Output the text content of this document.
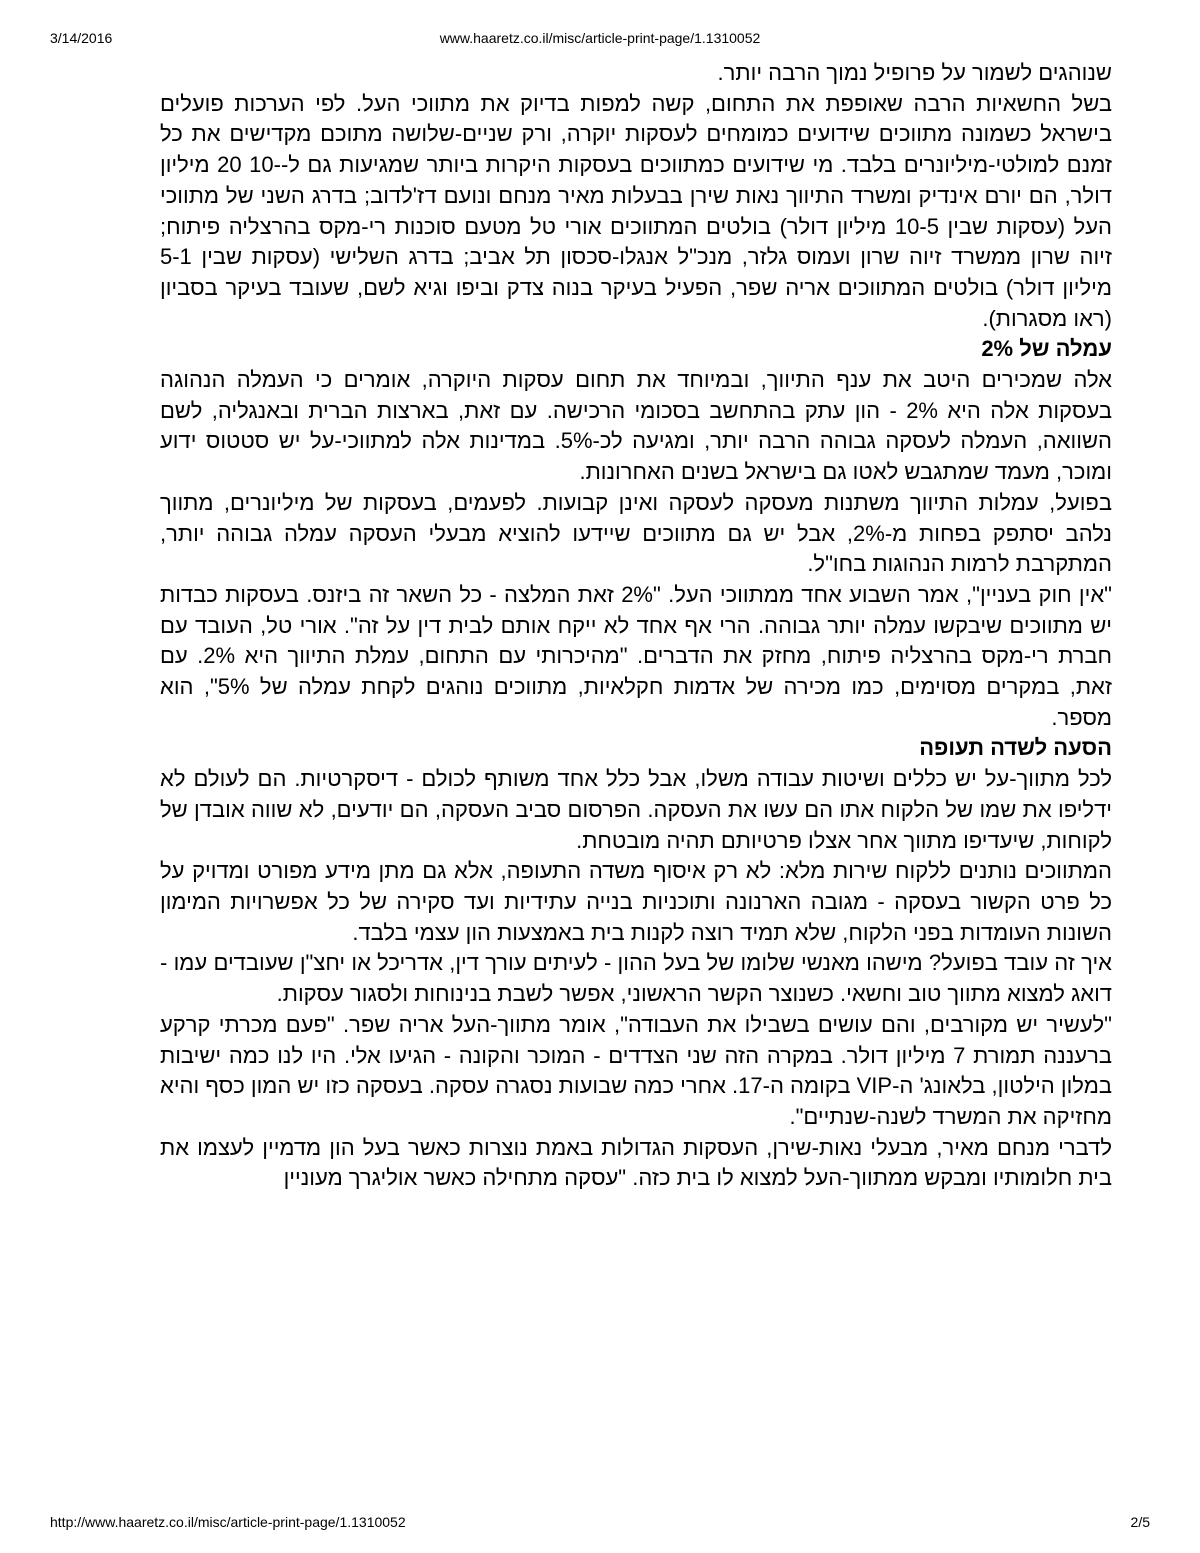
3/14/2016	www.haaretz.co.il/misc/article-print-page/1.1310052

שנוהגים לשמור על פרופיל נמוך הרבה יותר.

בשל החשאיות הרבה שאופפת את התחום, קשה למפות בדיוק את מתווכי העל. לפי הערכות פועלים בישראל כשמונה מתווכים שידועים כמומחים לעסקות יוקרה, ורק שניים-שלושה מתוכם מקדישים את כל זמנם למולטי-מיליונרים בלבד. מי שידועים כמתווכים בעסקות היקרות ביותר שמגיעות גם ל--10 20 מיליון דולר, הם יורם אינדיק ומשרד התיווך נאות שירן בבעלות מאיר מנחם ונועם דז'לדוב; בדרג השני של מתווכי העל (עסקות שבין 10-5 מיליון דולר) בולטים המתווכים אורי טל מטעם סוכנות רי-מקס בהרצליה פיתוח; זיוה שרון ממשרד זיוה שרון ועמוס גלזר, מנכ"ל אנגלו-סכסון תל אביב; בדרג השלישי (עסקות שבין 5-1 מיליון דולר) בולטים המתווכים אריה שפר, הפעיל בעיקר בנוה צדק וביפו וגיא לשם, שעובד בעיקר בסביון (ראו מסגרות).

עמלה של 2%

אלה שמכירים היטב את ענף התיווך, ובמיוחד את תחום עסקות היוקרה, אומרים כי העמלה הנהוגה בעסקות אלה היא 2% - הון עתק בהתחשב בסכומי הרכישה. עם זאת, בארצות הברית ובאנגליה, לשם השוואה, העמלה לעסקה גבוהה הרבה יותר, ומגיעה לכ-5%. במדינות אלה למתווכי-על יש סטטוס ידוע ומוכר, מעמד שמתגבש לאטו גם בישראל בשנים האחרונות.

בפועל, עמלות התיווך משתנות מעסקה לעסקה ואינן קבועות. לפעמים, בעסקות של מיליונרים, מתווך נלהב יסתפק בפחות מ-2%, אבל יש גם מתווכים שיידעו להוציא מבעלי העסקה עמלה גבוהה יותר, המתקרבת לרמות הנהוגות בחו"ל.

"אין חוק בעניין", אמר השבוע אחד ממתווכי העל. "2% זאת המלצה - כל השאר זה ביזנס. בעסקות כבדות יש מתווכים שיבקשו עמלה יותר גבוהה. הרי אף אחד לא ייקח אותם לבית דין על זה". אורי טל, העובד עם חברת רי-מקס בהרצליה פיתוח, מחזק את הדברים. "מהיכרותי עם התחום, עמלת התיווך היא 2%. עם זאת, במקרים מסוימים, כמו מכירה של אדמות חקלאיות, מתווכים נוהגים לקחת עמלה של 5%", הוא מספר.

הסעה לשדה תעופה

לכל מתווך-על יש כללים ושיטות עבודה משלו, אבל כלל אחד משותף לכולם - דיסקרטיות. הם לעולם לא ידליפו את שמו של הלקוח אתו הם עשו את העסקה. הפרסום סביב העסקה, הם יודעים, לא שווה אובדן של לקוחות, שיעדיפו מתווך אחר אצלו פרטיותם תהיה מובטחת.

המתווכים נותנים ללקוח שירות מלא: לא רק איסוף משדה התעופה, אלא גם מתן מידע מפורט ומדויק על כל פרט הקשור בעסקה - מגובה הארנונה ותוכניות בנייה עתידיות ועד סקירה של כל אפשרויות המימון השונות העומדות בפני הלקוח, שלא תמיד רוצה לקנות בית באמצעות הון עצמי בלבד.

איך זה עובד בפועל? מישהו מאנשי שלומו של בעל ההון - לעיתים עורך דין, אדריכל או יחצ"ן שעובדים עמו - דואג למצוא מתווך טוב וחשאי. כשנוצר הקשר הראשוני, אפשר לשבת בנינוחות ולסגור עסקות.

"לעשיר יש מקורבים, והם עושים בשבילו את העבודה", אומר מתווך-העל אריה שפר. "פעם מכרתי קרקע ברעננה תמורת 7 מיליון דולר. במקרה הזה שני הצדדים - המוכר והקונה - הגיעו אלי. היו לנו כמה ישיבות במלון הילטון, בלאונג' ה-VIP בקומה ה-17. אחרי כמה שבועות נסגרה עסקה. בעסקה כזו יש המון כסף והיא מחזיקה את המשרד לשנה-שנתיים".

לדברי מנחם מאיר, מבעלי נאות-שירן, העסקות הגדולות באמת נוצרות כאשר בעל הון מדמיין לעצמו את בית חלומותיו ומבקש ממתווך-העל למצוא לו בית כזה. "עסקה מתחילה כאשר אוליגרך מעוניין

http://www.haaretz.co.il/misc/article-print-page/1.1310052	2/5
